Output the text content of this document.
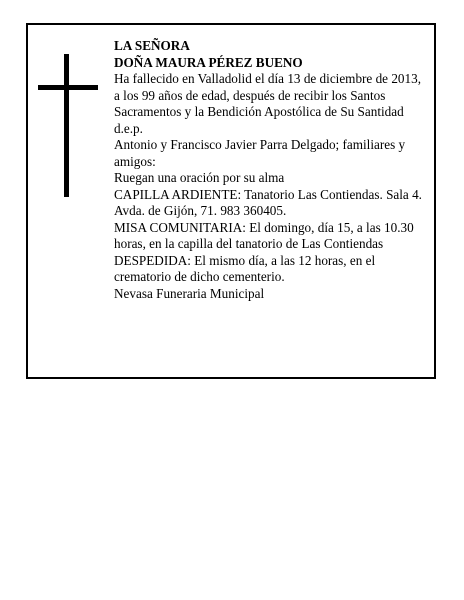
LA SEÑORA
DOÑA MAURA PÉREZ BUENO
Ha fallecido en Valladolid el día 13 de diciembre de 2013, a los 99 años de edad, después de recibir los Santos Sacramentos y la Bendición Apostólica de Su Santidad
d.e.p.
Antonio y Francisco Javier Parra Delgado; familiares y amigos:
Ruegan una oración por su alma
CAPILLA ARDIENTE: Tanatorio Las Contiendas. Sala 4. Avda. de Gijón, 71. 983 360405.
MISA COMUNITARIA: El domingo, día 15, a las 10.30 horas, en la capilla del tanatorio de Las Contiendas DESPEDIDA: El mismo día, a las 12 horas, en el crematorio de dicho cementerio.
Nevasa Funeraria Municipal
